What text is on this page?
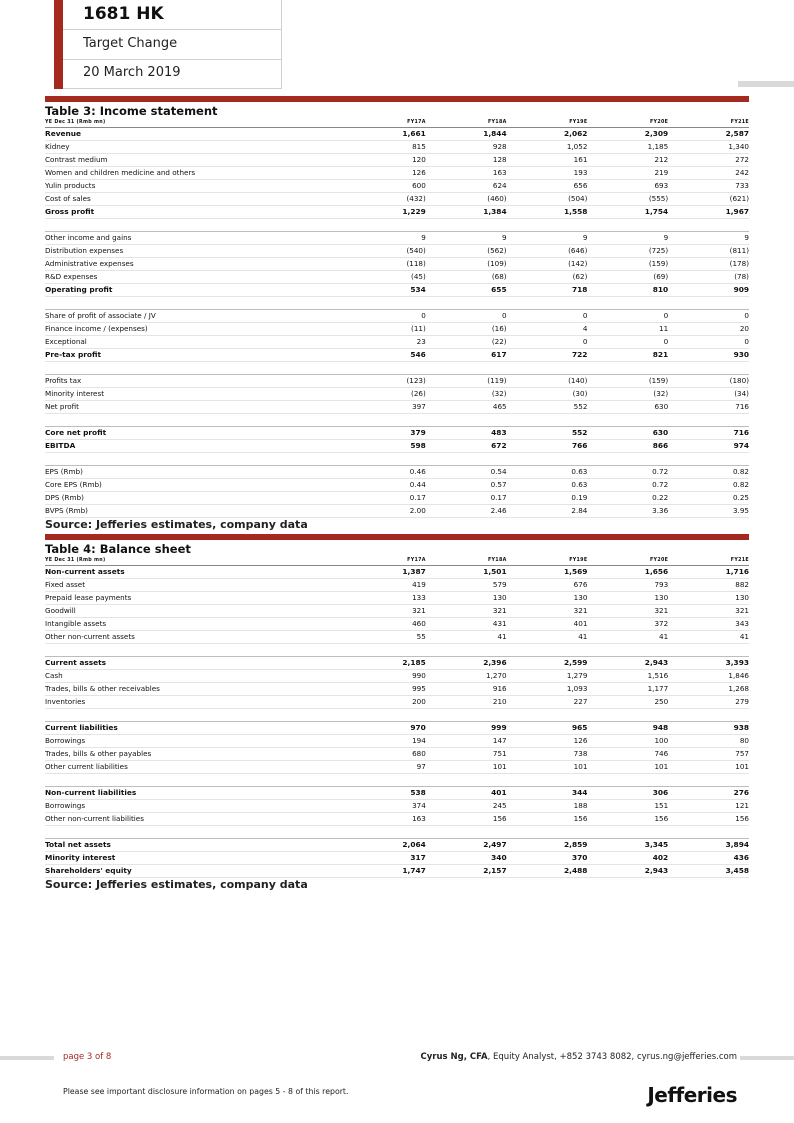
1681 HK
Target Change
20 March 2019
Table 3: Income statement
YE Dec 31 (Rmb mn)	FY17A	FY18A	FY19E	FY20E	FY21E
Revenue	1,661	1,844	2,062	2,309	2,587
Kidney	815	928	1,052	1,185	1,340
Contrast medium	120	128	161	212	272
Women and children medicine and others	126	163	193	219	242
Yulin products	600	624	656	693	733
Cost of sales	(432)	(460)	(504)	(555)	(621)
Gross profit	1,229	1,384	1,558	1,754	1,967

Other income and gains	9	9	9	9	9
Distribution expenses	(540)	(562)	(646)	(725)	(811)
Administrative expenses	(118)	(109)	(142)	(159)	(178)
R&D expenses	(45)	(68)	(62)	(69)	(78)
Operating profit	534	655	718	810	909

Share of profit of associate / JV	0	0	0	0	0
Finance income / (expenses)	(11)	(16)	4	11	20
Exceptional	23	(22)	0	0	0
Pre-tax profit	546	617	722	821	930

Profits tax	(123)	(119)	(140)	(159)	(180)
Minority interest	(26)	(32)	(30)	(32)	(34)
Net profit	397	465	552	630	716

Core net profit	379	483	552	630	716
EBITDA	598	672	766	866	974

EPS (Rmb)	0.46	0.54	0.63	0.72	0.82
Core EPS (Rmb)	0.44	0.57	0.63	0.72	0.82
DPS (Rmb)	0.17	0.17	0.19	0.22	0.25
BVPS (Rmb)	2.00	2.46	2.84	3.36	3.95
Source: Jefferies estimates, company data
Table 4: Balance sheet
YE Dec 31 (Rmb mn)	FY17A	FY18A	FY19E	FY20E	FY21E
Non-current assets	1,387	1,501	1,569	1,656	1,716
Fixed asset	419	579	676	793	882
Prepaid lease payments	133	130	130	130	130
Goodwill	321	321	321	321	321
Intangible assets	460	431	401	372	343
Other non-current assets	55	41	41	41	41

Current assets	2,185	2,396	2,599	2,943	3,393
Cash	990	1,270	1,279	1,516	1,846
Trades, bills & other receivables	995	916	1,093	1,177	1,268
Inventories	200	210	227	250	279

Current liabilities	970	999	965	948	938
Borrowings	194	147	126	100	80
Trades, bills & other payables	680	751	738	746	757
Other current liabilities	97	101	101	101	101

Non-current liabilities	538	401	344	306	276
Borrowings	374	245	188	151	121
Other non-current liabilities	163	156	156	156	156

Total net assets	2,064	2,497	2,859	3,345	3,894
Minority interest	317	340	370	402	436
Shareholders' equity	1,747	2,157	2,488	2,943	3,458
Source: Jefferies estimates, company data
page 3 of 8	Cyrus Ng, CFA, Equity Analyst, +852 3743 8082, cyrus.ng@jefferies.com
Please see important disclosure information on pages 5 - 8 of this report.	Jefferies
